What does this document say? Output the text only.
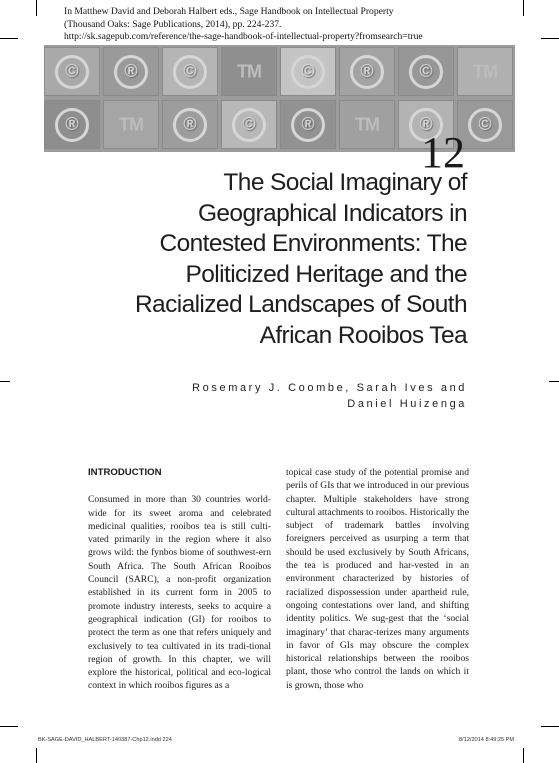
In Matthew David and Deborah Halbert eds., Sage Handbook on Intellectual Property
(Thousand Oaks: Sage Publications, 2014), pp. 224-237.
http://sk.sagepub.com/reference/the-sage-handbook-of-intellectual-property?fromsearch=true
©
®
TM
®
©
®
TM
®
TM
©
®
©
TM
©
®
©
12
The Social Imaginary of
Geographical Indicators in
Contested Environments: The
Politicized Heritage and the
Racialized Landscapes of South
African Rooibos Tea
Rosemary J. Coombe, Sarah Ives and
Daniel Huizenga
INTRODUCTION
Consumed in more than 30 countries world-wide for its sweet aroma and celebrated medicinal qualities, rooibos tea is still culti-vated primarily in the region where it also grows wild: the fynbos biome of southwest-ern South Africa. The South African Rooibos Council (SARC), a non-profit organization established in its current form in 2005 to promote industry interests, seeks to acquire a geographical indication (GI) for rooibos to protect the term as one that refers uniquely and exclusively to tea cultivated in its tradi-tional region of growth. In this chapter, we will explore the historical, political and eco-logical context in which rooibos figures as a
topical case study of the potential promise and perils of GIs that we introduced in our previous chapter. Multiple stakeholders have strong cultural attachments to rooibos. Historically the subject of trademark battles involving foreigners perceived as usurping a term that should be used exclusively by South Africans, the tea is produced and har-vested in an environment characterized by histories of racialized dispossession under apartheid rule, ongoing contestations over land, and shifting identity politics. We sug-gest that the ‘social imaginary’ that charac-terizes many arguments in favor of GIs may obscure the complex historical relationships between the rooibos plant, those who control the lands on which it is grown, those who
BK-SAGE-DAVID_HALBERT-140387-Chp12.indd 224	8/12/2014 8:49:25 PM
